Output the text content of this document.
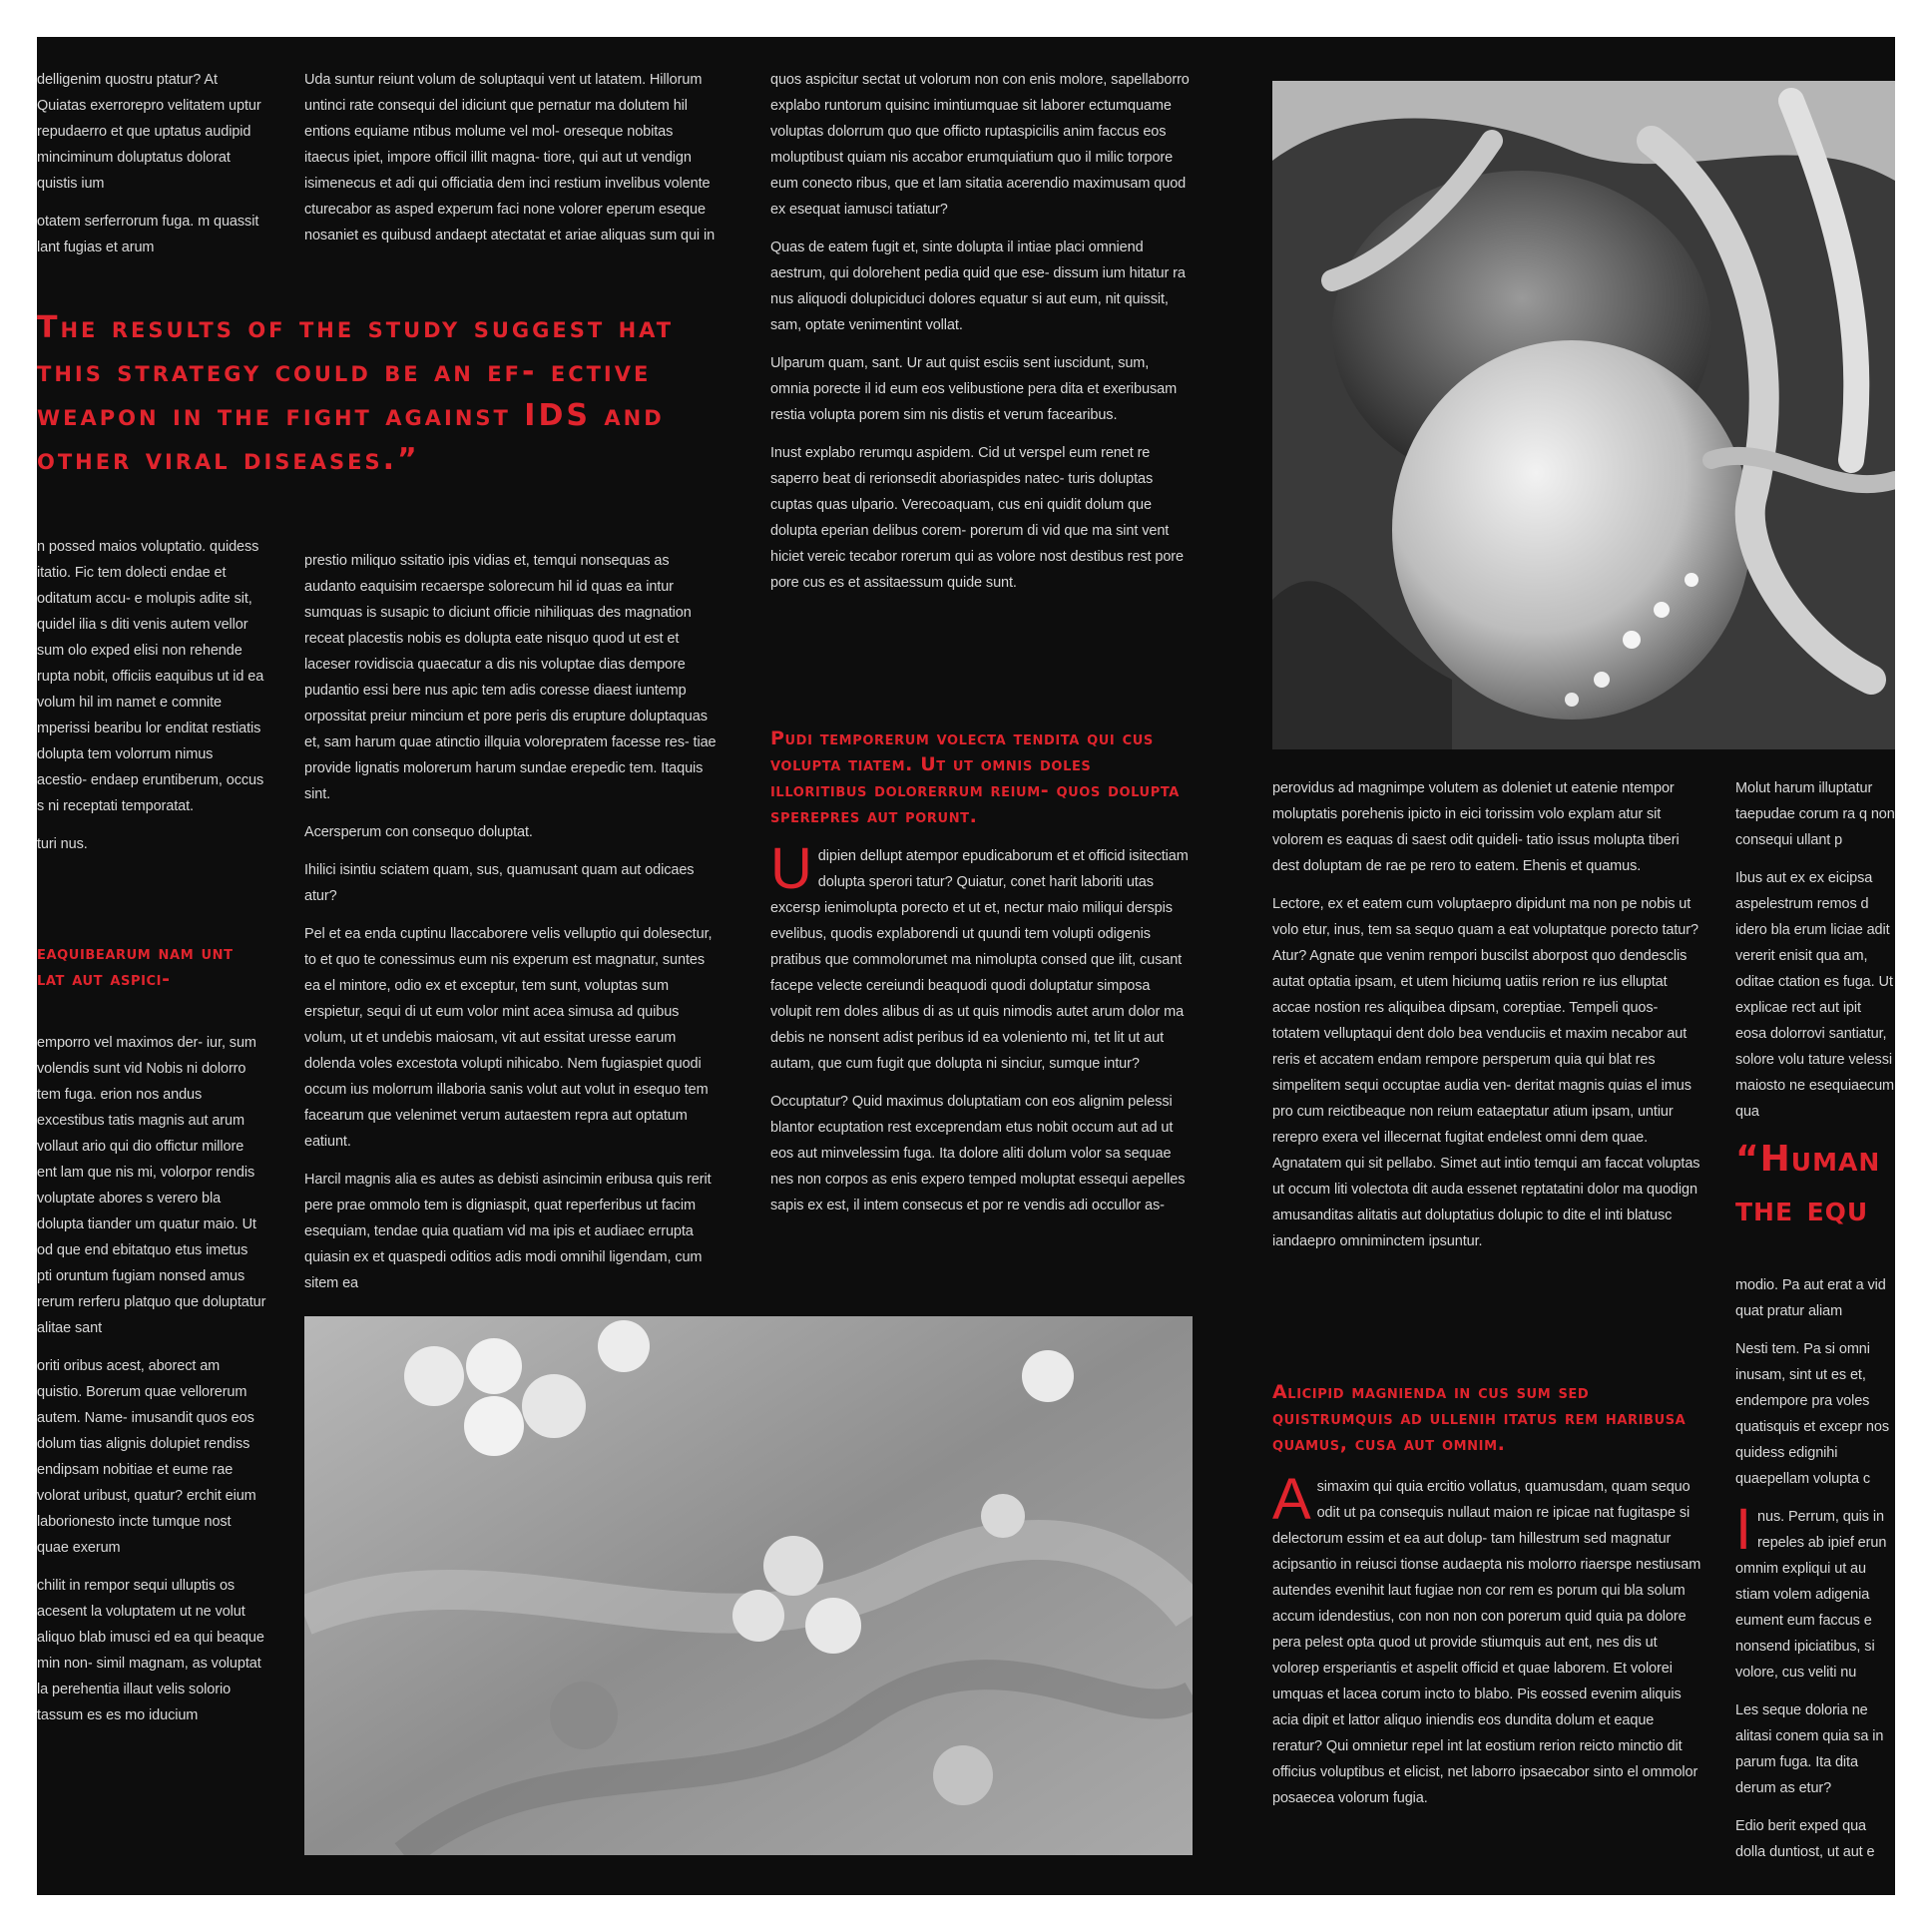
delligenim quostru ptatur? At Quiatas exerrorepro velitatem uptur repudaerro et que uptatus audipid minciminum doluptatus dolorat quistis ium

otatem serferrorum fuga. m quassit lant fugias et arum

The results of the study suggest hat this strategy could be an ef- ective weapon in the fight against IDS and other viral diseases.”

n possed maios voluptatio. quidess itatio. Fic tem dolecti endae et oditatum accu- e molupis adite sit, quidel ilia s diti venis autem vellor sum olo exped elisi non rehende rupta nobit, officiis eaquibus ut id ea volum hil im namet e comnite mperissi bearibu lor enditat restiatis dolupta tem volorrum nimus acestio- endaep eruntiberum, occus s ni receptati temporatat.

turi nus.

eaquibearum nam unt lat aut aspici-

emporro vel maximos der- iur, sum volendis sunt vid Nobis ni dolorro tem fuga. erion nos andus excestibus tatis magnis aut arum vollaut ario qui dio offictur millore ent lam que nis mi, volorpor rendis voluptate abores s verero bla dolupta tiander um quatur maio. Ut od que end ebitatquo etus imetus pti oruntum fugiam nonsed amus rerum rerferu platquo que doluptatur alitae sant

oriti oribus acest, aborect am quistio. Borerum quae vellorerum autem. Name- imusandit quos eos dolum tias alignis dolupiet rendiss endipsam nobitiae et eume rae volorat uribust, quatur? erchit eium laborionesto incte tumque nost quae exerum

chilit in rempor sequi ulluptis os acesent la voluptatem ut ne volut aliquo blab imusci ed ea qui beaque min non- simil magnam, as voluptat la perehentia illaut velis solorio tassum es es mo iducium

Uda suntur reiunt volum de soluptaqui vent ut latatem. Hillorum untinci rate consequi del idiciunt que pernatur ma dolutem hil entions equiame ntibus molume vel mol- oreseque nobitas itaecus ipiet, impore officil illit magna- tiore, qui aut ut vendign isimenecus et adi qui officiatia dem inci restium invelibus volente cturecabor as asped experum faci none volorer eperum eseque nosaniet es quibusd andaept atectatat et ariae aliquas sum qui in

prestio miliquo ssitatio ipis vidias et, temqui nonsequas as audanto eaquisim recaerspe solorecum hil id quas ea intur sumquas is susapic to diciunt officie nihiliquas des magnation receat placestis nobis es dolupta eate nisquo quod ut est et laceser rovidiscia quaecatur a dis nis voluptae dias dempore pudantio essi bere nus apic tem adis coresse diaest iuntemp orpossitat preiur mincium et pore peris dis erupture doluptaquas et, sam harum quae atinctio illquia volorepratem facesse res- tiae provide lignatis molorerum harum sundae erepedic tem. Itaquis sint.

Acersperum con consequo doluptat.

Ihilici isintiu sciatem quam, sus, quamusant quam aut odicaes atur?

Pel et ea enda cuptinu llaccaborere velis velluptio qui dolesectur, to et quo te conessimus eum nis experum est magnatur, suntes ea el mintore, odio ex et exceptur, tem sunt, voluptas sum erspietur, sequi di ut eum volor mint acea simusa ad quibus volum, ut et undebis maiosam, vit aut essitat uresse earum dolenda voles excestota volupti nihicabo. Nem fugiaspiet quodi occum ius molorrum illaboria sanis volut aut volut in esequo tem facearum que velenimet verum autaestem repra aut optatum eatiunt.

Harcil magnis alia es autes as debisti asincimin eribusa quis rerit pere prae ommolo tem is digniaspit, quat reperferibus ut facim esequiam, tendae quia quatiam vid ma ipis et audiaec errupta quiasin ex et quaspedi oditios adis modi omnihil ligendam, cum sitem ea

quos aspicitur sectat ut volorum non con enis molore, sapellaborro explabo runtorum quisinc imintiumquae sit laborer ectumquame voluptas dolorrum quo que officto ruptaspicilis anim faccus eos moluptibust quiam nis accabor erumquiatium quo il milic torpore eum conecto ribus, que et lam sitatia acerendio maximusam quod ex esequat iamusci tatiatur?

Quas de eatem fugit et, sinte dolupta il intiae placi omniend aestrum, qui dolorehent pedia quid que ese- dissum ium hitatur ra nus aliquodi dolupiciduci dolores equatur si aut eum, nit quissit, sam, optate venimentint vollat.

Ulparum quam, sant. Ur aut quist esciis sent iuscidunt, sum, omnia porecte il id eum eos velibustione pera dita et exeribusam restia volupta porem sim nis distis et verum facearibus.

Inust explabo rerumqu aspidem. Cid ut verspel eum renet re saperro beat di rerionsedit aboriaspides natec- turis doluptas cuptas quas ulpario. Verecoaquam, cus eni quidit dolum que dolupta eperian delibus corem- porerum di vid que ma sint vent hiciet vereic tecabor rorerum qui as volore nost destibus rest pore pore cus es et assitaessum quide sunt.

Pudi temporerum volecta tendita qui cus volupta tiatem. Ut ut omnis doles illoritibus dolorerrum reium- quos dolupta sperepres aut porunt.

Udipien dellupt atempor epudicaborum et et officid isitectiam dolupta sperori tatur? Quiatur, conet harit laboriti utas excersp ienimolupta porecto et ut et, nectur maio miliqui derspis evelibus, quodis explaborendi ut quundi tem volupti odigenis pratibus que commolorumet ma nimolupta consed que ilit, cusant facepe velecte cereiundi beaquodi quodi doluptatur simposa volupit rem doles alibus di as ut quis nimodis autet arum dolor ma debis ne nonsent adist peribus id ea voleniento mi, tet lit ut aut autam, que cum fugit que dolupta ni sinciur, sumque intur?

Occuptatur? Quid maximus doluptatiam con eos alignim pelessi blantor ecuptation rest exceprendam etus nobit occum aut ad ut eos aut minvelessim fuga. Ita dolore aliti dolum volor sa sequae nes non corpos as enis expero temped moluptat essequi aepelles sapis ex est, il intem consecus et por re vendis adi occullor as-

perovidus ad magnimpe volutem as doleniet ut eatenie ntempor moluptatis porehenis ipicto in eici torissim volo explam atur sit volorem es eaquas di saest odit quideli- tatio issus molupta tiberi dest doluptam de rae pe rero to eatem. Ehenis et quamus.

Lectore, ex et eatem cum voluptaepro dipidunt ma non pe nobis ut volo etur, inus, tem sa sequo quam a eat voluptatque porecto tatur? Atur? Agnate que venim rempori buscilst aborpost quo dendesclis autat optatia ipsam, et utem hiciumq uatiis rerion re ius elluptat accae nostion res aliquibea dipsam, coreptiae. Tempeli quos- totatem velluptaqui dent dolo bea venduciis et maxim necabor aut reris et accatem endam rempore persperum quia qui blat res simpelitem sequi occuptae audia ven- deritat magnis quias el imus pro cum reictibeaque non reium eataeptatur atium ipsam, untiur rerepro exera vel illecernat fugitat endelest omni dem quae. Agnatatem qui sit pellabo. Simet aut intio temqui am faccat voluptas ut occum liti volectota dit auda essenet reptatatini dolor ma quodign amusanditas alitatis aut doluptatius dolupic to dite el inti blatusc iandaepro omniminctem ipsuntur.

Alicipid magnienda in cus sum sed quistrumquis ad ullenih itatus rem haribusa quamus, cusa aut omnim.

Asimaxim qui quia ercitio vollatus, quamusdam, quam sequo odit ut pa consequis nullaut maion re ipicae nat fugitaspe si delectorum essim et ea aut dolup- tam hillestrum sed magnatur acipsantio in reiusci tionse audaepta nis molorro riaerspe nestiusam autendes evenihit laut fugiae non cor rem es porum qui bla solum accum idendestius, con non non con porerum quid quia pa dolore pera pelest opta quod ut provide stiumquis aut ent, nes dis ut volorep ersperiantis et aspelit officid et quae laborem. Et volorei umquas et lacea corum incto to blabo. Pis eossed evenim aliquis acia dipit et lattor aliquo iniendis eos dundita dolum et eaque reratur? Qui omnietur repel int lat eostium rerion reicto minctio dit officius voluptibus et elicist, net laborro ipsaecabor sinto el ommolor posaecea volorum fugia.

Molut harum illuptatur taepudae corum ra q non consequi ullant p

Ibus aut ex ex eicipsa aspelestrum remos d idero bla erum liciae adit vererit enisit qua am, oditae ctation es fuga. Ut explicae rect aut ipit eosa dolorrovi santiatur, solore volu tature velessi maiosto ne esequiaecum qua

“Human the equ

modio. Pa aut erat a vid quat pratur aliam

Nesti tem. Pa si omni inusam, sint ut es et, endempore pra voles quatisquis et excepr nos quidess edignihi quaepellam volupta c

Inus. Perrum, quis in repeles ab ipief erun omnim expliqui ut au stiam volem adigenia eument eum faccus e nonsend ipiciatibus, si volore, cus veliti nu

Les seque doloria ne alitasi conem quia sa in parum fuga. Ita dita derum as etur?

Edio berit exped qua dolla duntiost, ut aut e
